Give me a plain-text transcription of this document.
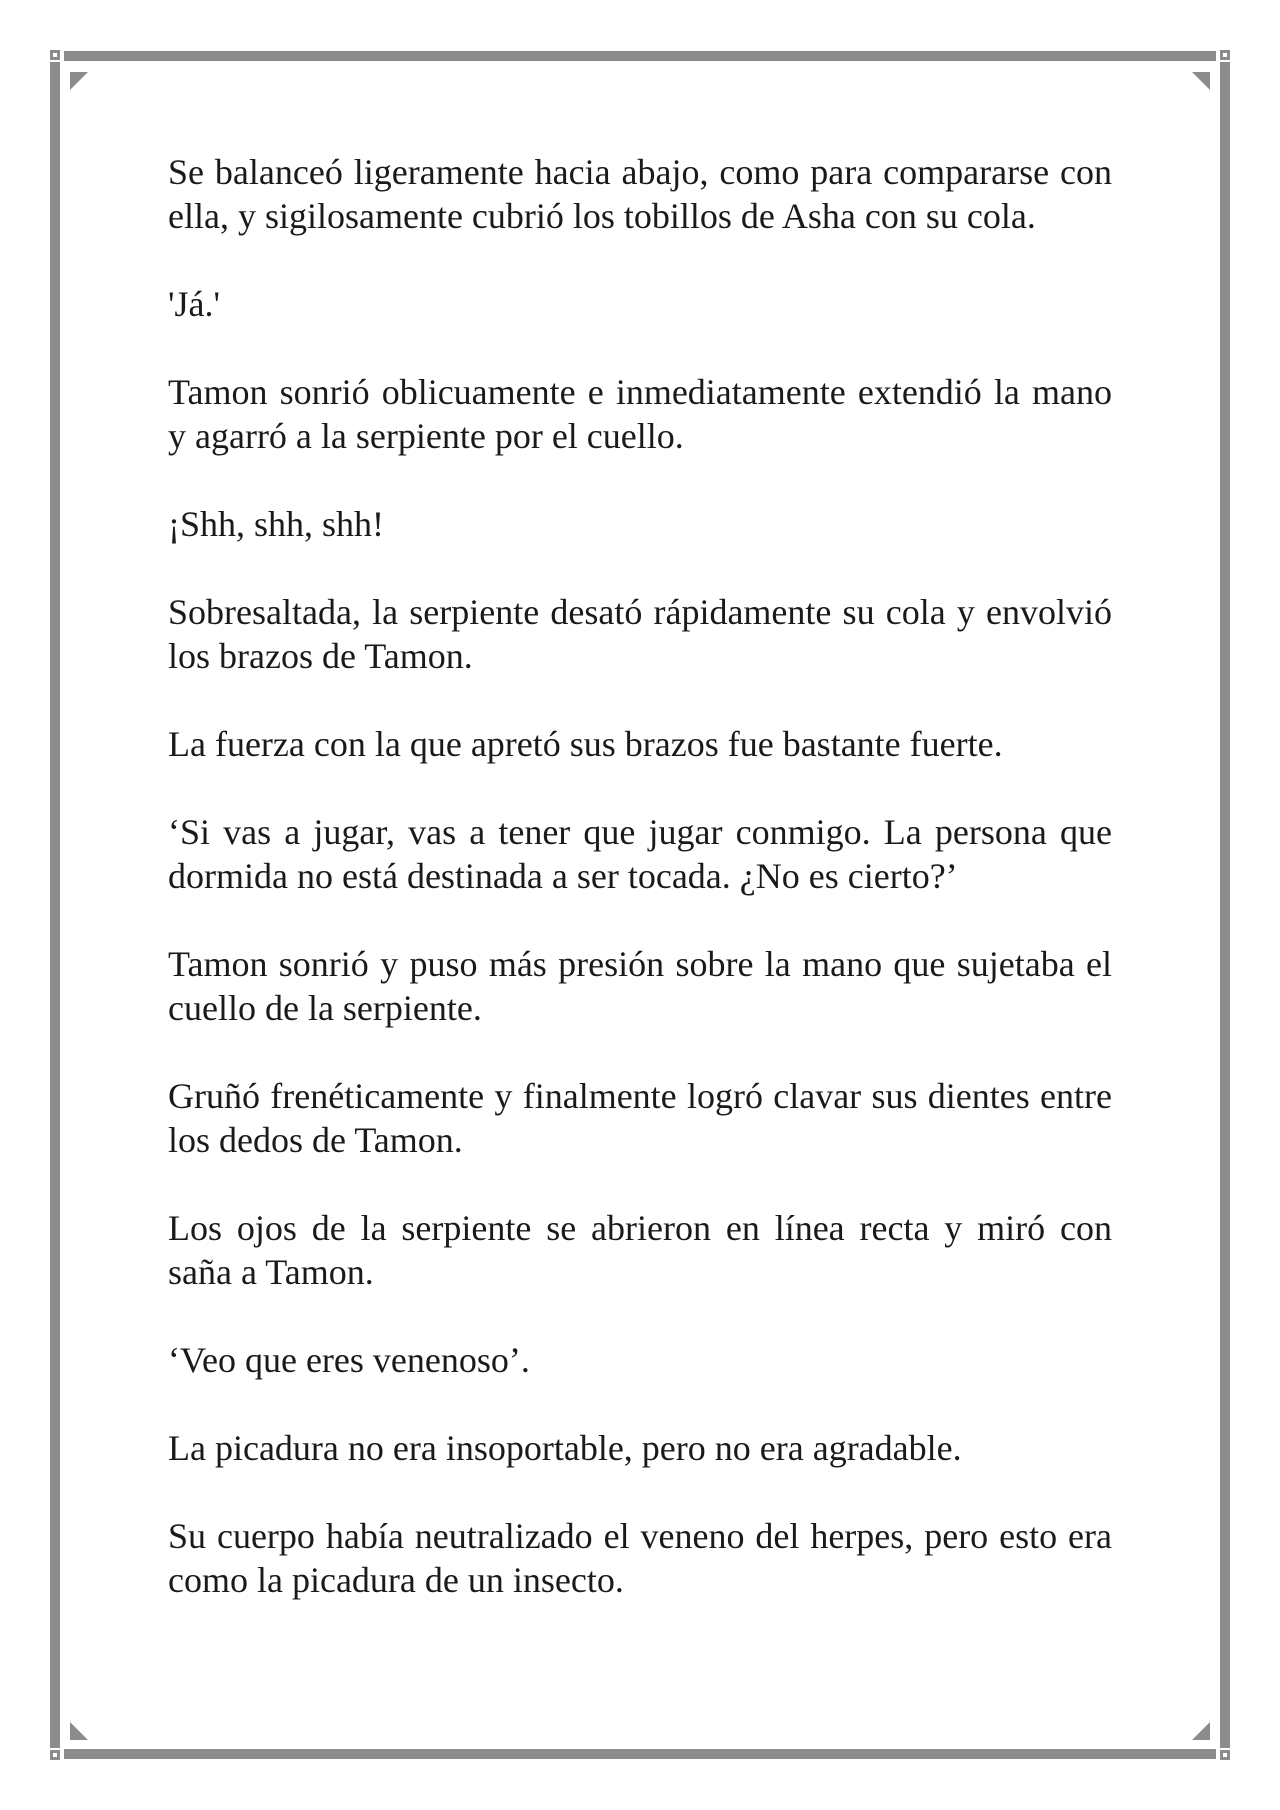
Se balanceó ligeramente hacia abajo, como para compararse con ella, y sigilosamente cubrió los tobillos de Asha con su cola.

'Já.'

Tamon sonrió oblicuamente e inmediatamente extendió la mano y agarró a la serpiente por el cuello.

¡Shh, shh, shh!

Sobresaltada, la serpiente desató rápidamente su cola y envolvió los brazos de Tamon.

La fuerza con la que apretó sus brazos fue bastante fuerte.

‘Si vas a jugar, vas a tener que jugar conmigo. La persona que dormida no está destinada a ser tocada. ¿No es cierto?’

Tamon sonrió y puso más presión sobre la mano que sujetaba el cuello de la serpiente.

Gruñó frenéticamente y finalmente logró clavar sus dientes entre los dedos de Tamon.

Los ojos de la serpiente se abrieron en línea recta y miró con saña a Tamon.

‘Veo que eres venenoso’.

La picadura no era insoportable, pero no era agradable.

Su cuerpo había neutralizado el veneno del herpes, pero esto era como la picadura de un insecto.
